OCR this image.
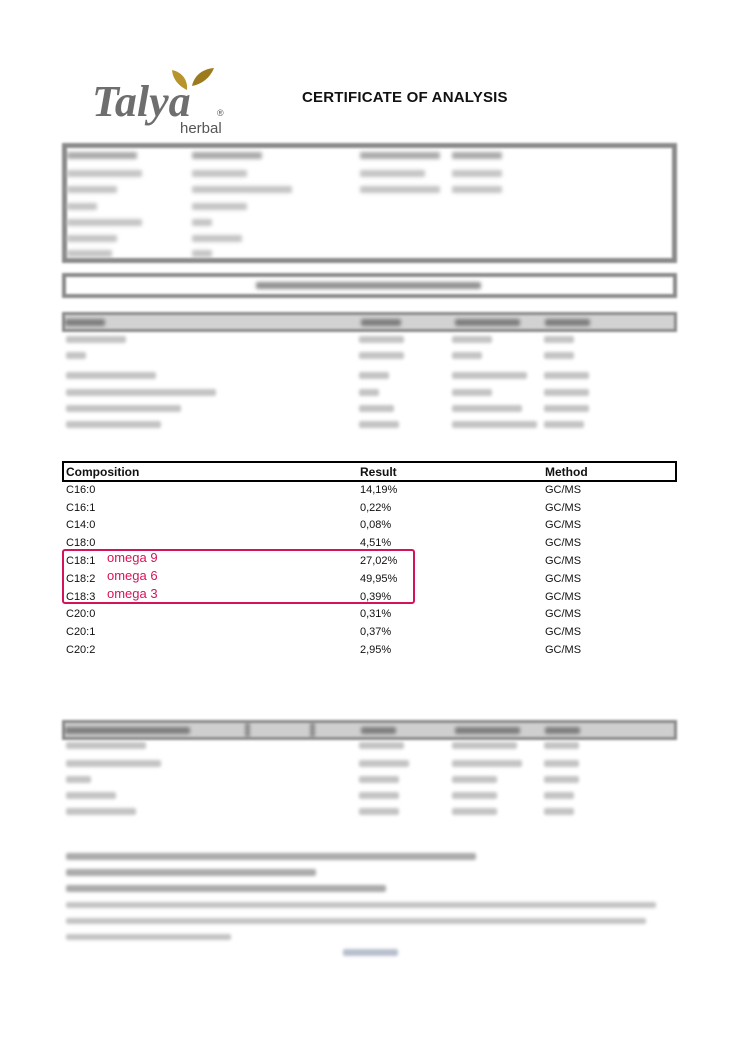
Talya	®
herbal
CERTIFICATE OF ANALYSIS
Composition	Result	Method
C16:0	14,19%	GC/MS
C16:1	0,22%	GC/MS
C14:0	0,08%	GC/MS
C18:0	4,51%	GC/MS
C18:1	27,02%	GC/MS
C18:2	49,95%	GC/MS
C18:3	0,39%	GC/MS
C20:0	0,31%	GC/MS
C20:1	0,37%	GC/MS
C20:2	2,95%	GC/MS
omega 9
omega 6
omega 3
